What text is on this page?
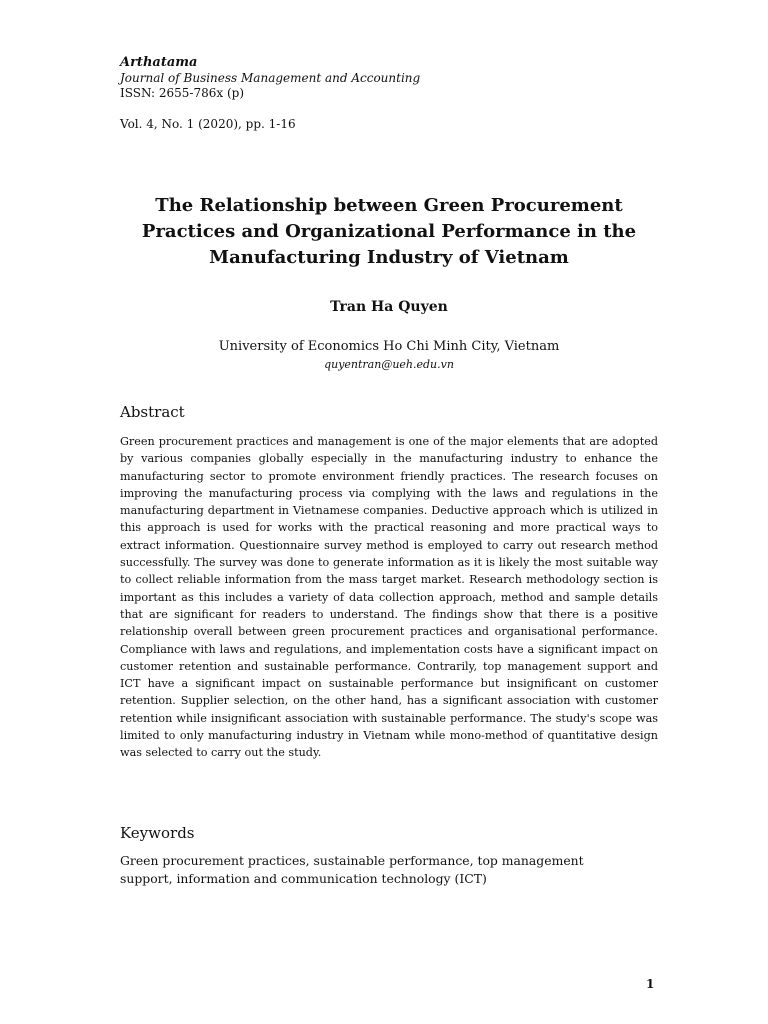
Arthatama
Journal of Business Management and Accounting
ISSN: 2655-786x (p)
Vol. 4, No. 1 (2020), pp. 1-16
The Relationship between Green Procurement
Practices and Organizational Performance in the
Manufacturing Industry of Vietnam
Tran Ha Quyen
University of Economics Ho Chi Minh City, Vietnam
quyentran@ueh.edu.vn
Abstract
Green procurement practices and management is one of the major elements that are adopted by various companies globally especially in the manufacturing industry to enhance the manufacturing sector to promote environment friendly practices. The research focuses on improving the manufacturing process via complying with the laws and regulations in the manufacturing department in Vietnamese companies. Deductive approach which is utilized in this approach is used for works with the practical reasoning and more practical ways to extract information. Questionnaire survey method is employed to carry out research method successfully. The survey was done to generate information as it is likely the most suitable way to collect reliable information from the mass target market. Research methodology section is important as this includes a variety of data collection approach, method and sample details that are significant for readers to understand. The findings show that there is a positive relationship overall between green procurement practices and organisational performance. Compliance with laws and regulations, and implementation costs have a significant impact on customer retention and sustainable performance. Contrarily, top management support and ICT have a significant impact on sustainable performance but insignificant on customer retention. Supplier selection, on the other hand, has a significant association with customer retention while insignificant association with sustainable performance. The study's scope was limited to only manufacturing industry in Vietnam while mono-method of quantitative design was selected to carry out the study.
Keywords
Green procurement practices, sustainable performance, top management support, information and communication technology (ICT)
1
